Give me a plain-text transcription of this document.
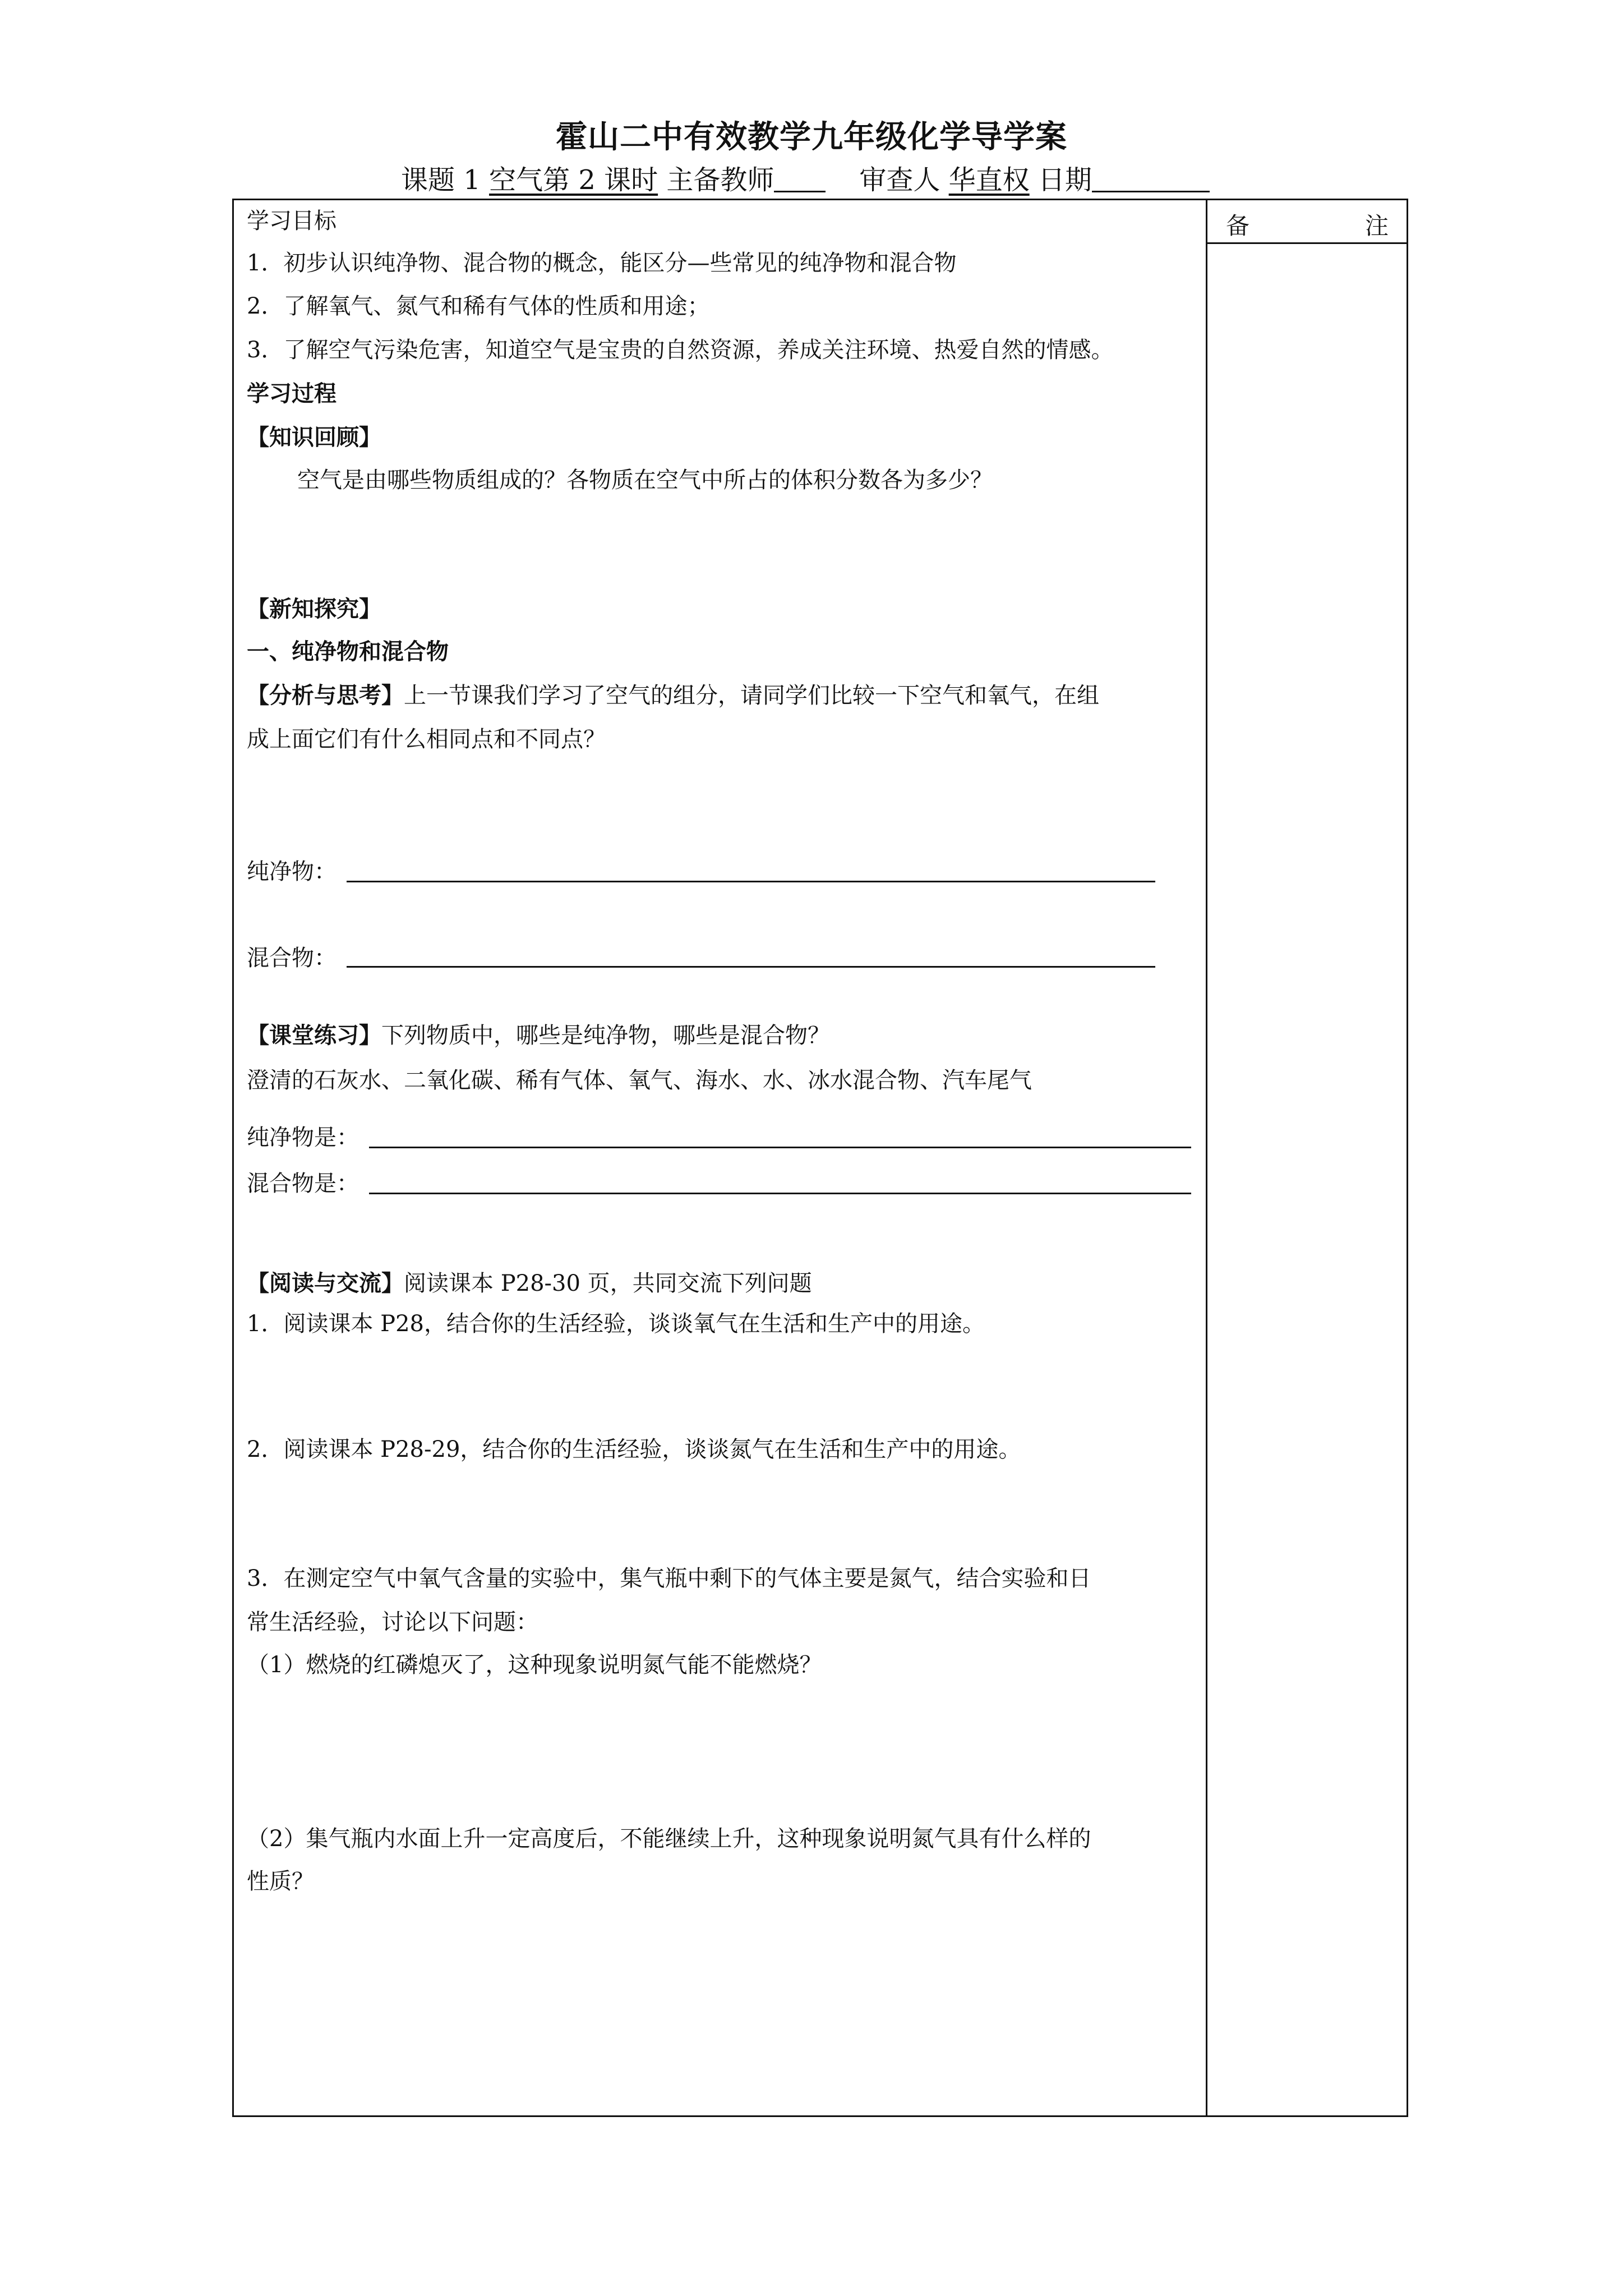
霍山二中有效教学九年级化学导学案
课题 1 空气第 2 课时 主备教师	审查人 华直权 日期
备	注
学习目标
1．初步认识纯净物、混合物的概念，能区分—些常见的纯净物和混合物
2．了解氧气、氮气和稀有气体的性质和用途；
3．了解空气污染危害，知道空气是宝贵的自然资源，养成关注环境、热爱自然的情感。
学习过程
【知识回顾】
空气是由哪些物质组成的？各物质在空气中所占的体积分数各为多少？
【新知探究】
一、纯净物和混合物
【分析与思考】上一节课我们学习了空气的组分，请同学们比较一下空气和氧气，在组
成上面它们有什么相同点和不同点？
纯净物：
混合物：
【课堂练习】下列物质中，哪些是纯净物，哪些是混合物？
澄清的石灰水、二氧化碳、稀有气体、氧气、海水、水、冰水混合物、汽车尾气
纯净物是：
混合物是：
【阅读与交流】阅读课本 P28-30 页，共同交流下列问题
1．阅读课本 P28，结合你的生活经验，谈谈氧气在生活和生产中的用途。
2．阅读课本 P28-29，结合你的生活经验，谈谈氮气在生活和生产中的用途。
3．在测定空气中氧气含量的实验中，集气瓶中剩下的气体主要是氮气，结合实验和日
常生活经验，讨论以下问题：
（1）燃烧的红磷熄灭了，这种现象说明氮气能不能燃烧？
（2）集气瓶内水面上升一定高度后，不能继续上升，这种现象说明氮气具有什么样的
性质？
